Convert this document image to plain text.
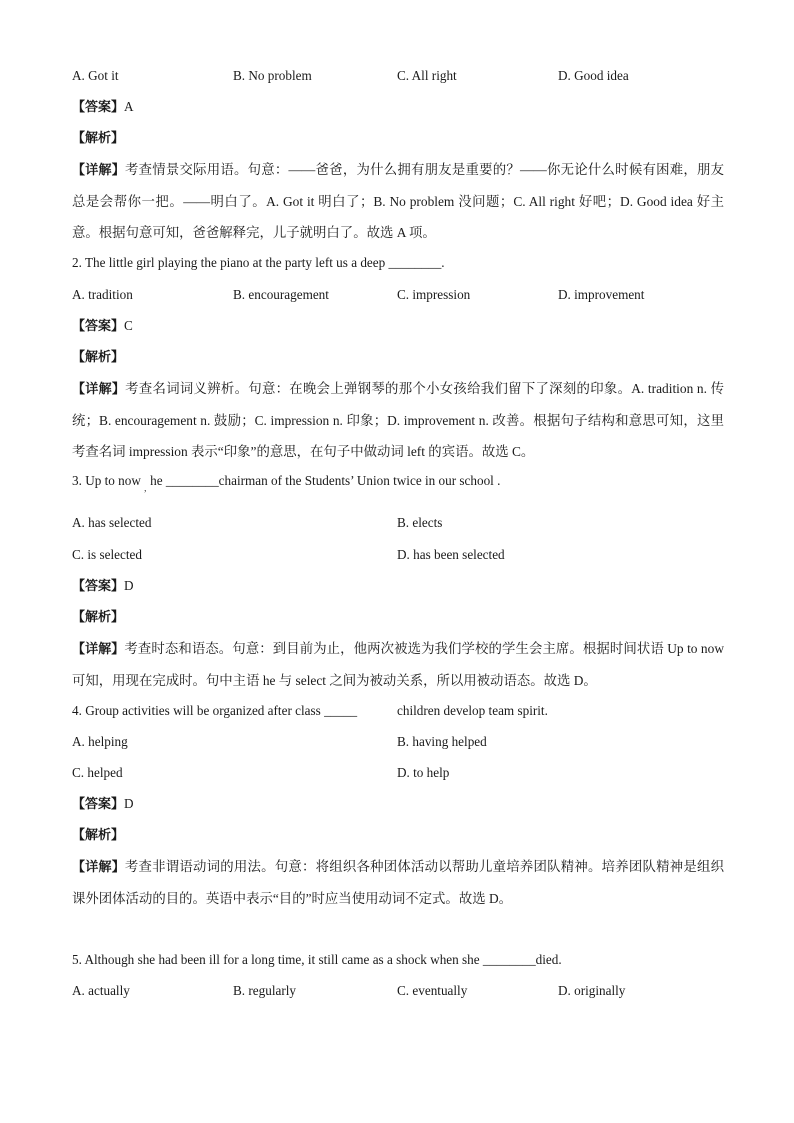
A. Got it	B. No problem	C. All right	D. Good idea
【答案】A
【解析】
【详解】考查情景交际用语。句意：——爸爸，为什么拥有朋友是重要的？——你无论什么时候有困难，朋友总是会帮你一把。——明白了。A. Got it 明白了；B. No problem 没问题；C. All right 好吧；D. Good idea 好主意。根据句意可知，爸爸解释完，儿子就明白了。故选 A 项。
2. The little girl playing the piano at the party left us a deep ________.
A. tradition	B. encouragement	C. impression	D. improvement
【答案】C
【解析】
【详解】考查名词词义辨析。句意：在晚会上弹钢琴的那个小女孩给我们留下了深刻的印象。A. tradition n. 传统；B. encouragement n. 鼓励；C. impression n. 印象；D. improvement n. 改善。根据句子结构和意思可知，这里考查名词 impression 表示“印象”的意思，在句子中做动词 left 的宾语。故选 C。
3. Up to now , he ________chairman of the Students’ Union twice in our school .
A. has selected	B. elects
C. is selected	D. has been selected
【答案】D
【解析】
【详解】考查时态和语态。句意：到目前为止，他两次被选为我们学校的学生会主席。根据时间状语 Up to now 可知，用现在完成时。句中主语 he 与 select 之间为被动关系，所以用被动语态。故选 D。
4. Group activities will be organized after class _____	children develop team spirit.
A. helping	B. having helped
C. helped	D. to help
【答案】D
【解析】
【详解】考查非谓语动词的用法。句意：将组织各种团体活动以帮助儿童培养团队精神。培养团队精神是组织课外团体活动的目的。英语中表示“目的”时应当使用动词不定式。故选 D。
5. Although she had been ill for a long time, it still came as a shock when she ________died.
A. actually	B. regularly	C. eventually	D. originally
